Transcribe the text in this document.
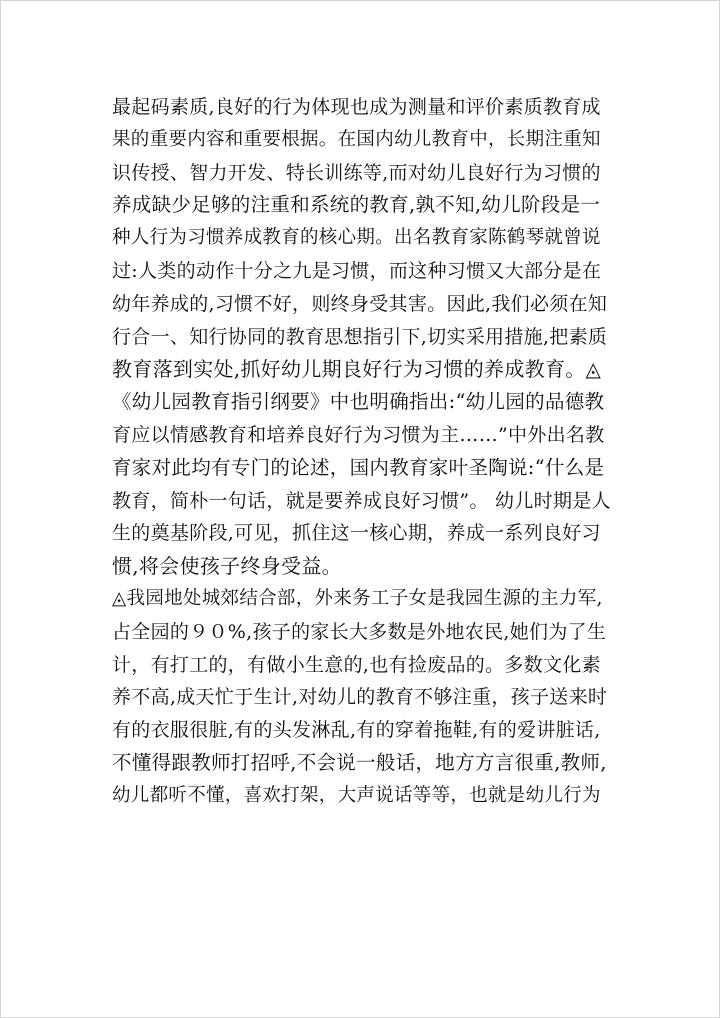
最起码素质,良好的行为体现也成为测量和评价素质教育成
果的重要内容和重要根据。在国内幼儿教育中，长期注重知
识传授、智力开发、特长训练等,而对幼儿良好行为习惯的
养成缺少足够的注重和系统的教育,孰不知,幼儿阶段是一
种人行为习惯养成教育的核心期。出名教育家陈鹤琴就曾说
过:人类的动作十分之九是习惯，而这种习惯又大部分是在
幼年养成的,习惯不好，则终身受其害。因此,我们必须在知
行合一、知行协同的教育思想指引下,切实采用措施,把素质
教育落到实处,抓好幼儿期良好行为习惯的养成教育。◬
《幼儿园教育指引纲要》中也明确指出:“幼儿园的品德教
育应以情感教育和培养良好行为习惯为主……”中外出名教
育家对此均有专门的论述，国内教育家叶圣陶说:“什么是
教育，简朴一句话，就是要养成良好习惯”。 幼儿时期是人
生的奠基阶段,可见，抓住这一核心期，养成一系列良好习
惯,将会使孩子终身受益。
◬我园地处城郊结合部，外来务工子女是我园生源的主力军,
占全园的９０%,孩子的家长大多数是外地农民,她们为了生
计，有打工的，有做小生意的,也有捡废品的。多数文化素
养不高,成天忙于生计,对幼儿的教育不够注重，孩子送来时
有的衣服很脏,有的头发淋乱,有的穿着拖鞋,有的爱讲脏话,
不懂得跟教师打招呼,不会说一般话，地方方言很重,教师,
幼儿都听不懂，喜欢打架，大声说话等等，也就是幼儿行为
